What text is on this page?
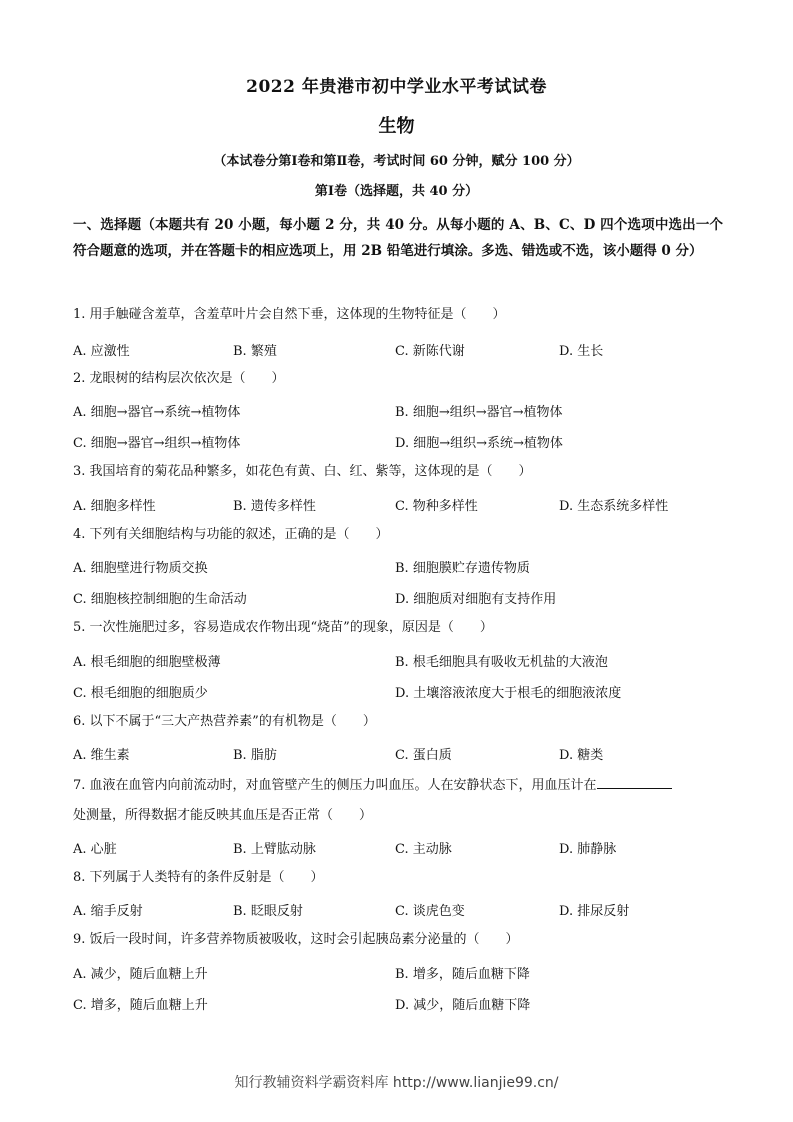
2022 年贵港市初中学业水平考试试卷
生物
（本试卷分第Ⅰ卷和第Ⅱ卷，考试时间 60 分钟，赋分 100 分）
第Ⅰ卷（选择题，共 40 分）
一、选择题（本题共有 20 小题，每小题 2 分，共 40 分。从每小题的 A、B、C、D 四个选项中选出一个符合题意的选项，并在答题卡的相应选项上，用 2B 铅笔进行填涂。多选、错选或不选，该小题得 0 分）
1. 用手触碰含羞草，含羞草叶片会自然下垂，这体现的生物特征是（　　）
A. 应激性	B. 繁殖	C. 新陈代谢	D. 生长
2. 龙眼树的结构层次依次是（　　）
A. 细胞→器官→系统→植物体	B. 细胞→组织→器官→植物体
C. 细胞→器官→组织→植物体	D. 细胞→组织→系统→植物体
3. 我国培育的菊花品种繁多，如花色有黄、白、红、紫等，这体现的是（　　）
A. 细胞多样性	B. 遗传多样性	C. 物种多样性	D. 生态系统多样性
4. 下列有关细胞结构与功能的叙述，正确的是（　　）
A. 细胞壁进行物质交换	B. 细胞膜贮存遗传物质
C. 细胞核控制细胞的生命活动	D. 细胞质对细胞有支持作用
5. 一次性施肥过多，容易造成农作物出现“烧苗”的现象，原因是（　　）
A. 根毛细胞的细胞壁极薄	B. 根毛细胞具有吸收无机盐的大液泡
C. 根毛细胞的细胞质少	D. 土壤溶液浓度大于根毛的细胞液浓度
6. 以下不属于“三大产热营养素”的有机物是（　　）
A. 维生素	B. 脂肪	C. 蛋白质	D. 糖类
7. 血液在血管内向前流动时，对血管壁产生的侧压力叫血压。人在安静状态下，用血压计在
处测量，所得数据才能反映其血压是否正常（　　）
A. 心脏	B. 上臂肱动脉	C. 主动脉	D. 肺静脉
8. 下列属于人类特有的条件反射是（　　）
A. 缩手反射	B. 眨眼反射	C. 谈虎色变	D. 排尿反射
9. 饭后一段时间，许多营养物质被吸收，这时会引起胰岛素分泌量的（　　）
A. 减少，随后血糖上升	B. 增多，随后血糖下降
C. 增多，随后血糖上升	D. 减少，随后血糖下降
知行教辅资料学霸资料库 http://www.lianjie99.cn/
